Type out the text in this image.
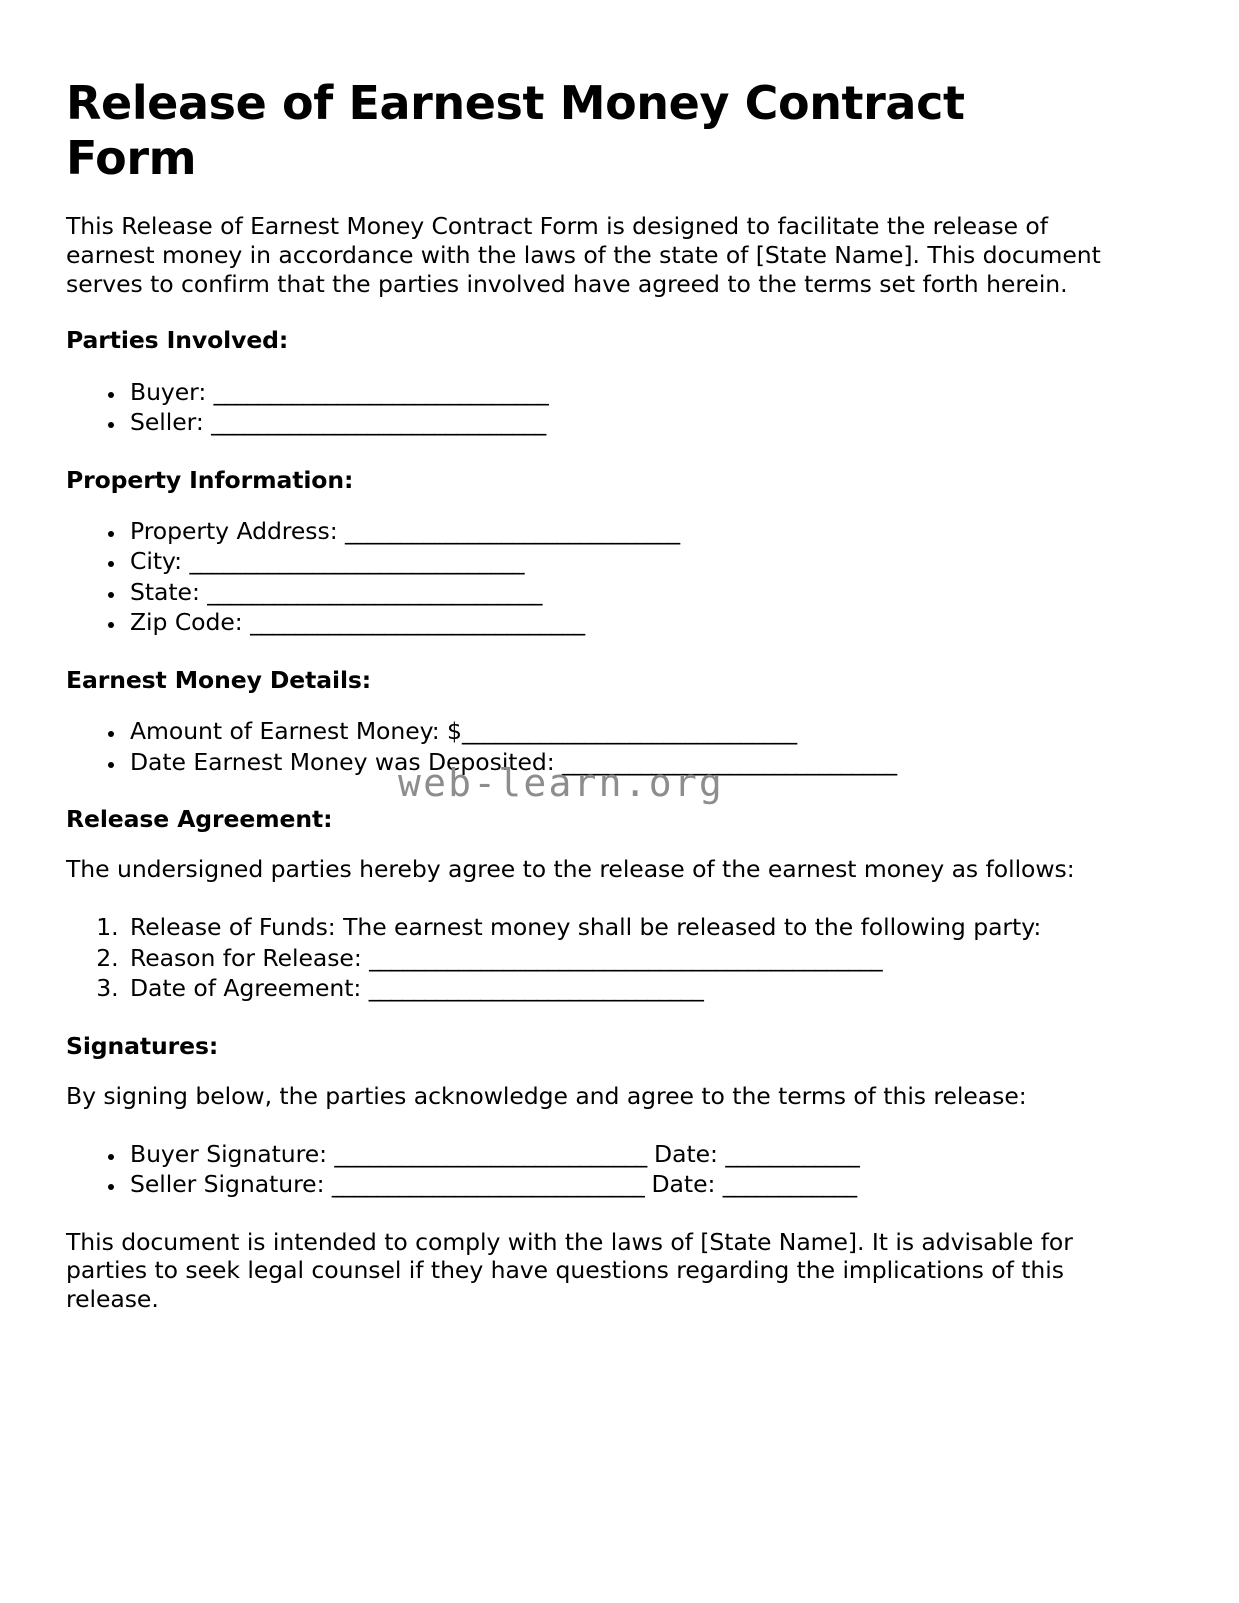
Release of Earnest Money Contract Form

This Release of Earnest Money Contract Form is designed to facilitate the release of earnest money in accordance with the laws of the state of [State Name]. This document serves to confirm that the parties involved have agreed to the terms set forth herein.

Parties Involved:
• Buyer: ______________________________
• Seller: ______________________________
Property Information:
• Property Address: ______________________________
• City: ______________________________
• State: ______________________________
• Zip Code: ______________________________
Earnest Money Details:
• Amount of Earnest Money: $______________________________
• Date Earnest Money was Deposited: ______________________________
Release Agreement:

The undersigned parties hereby agree to the release of the earnest money as follows:

1. Release of Funds: The earnest money shall be released to the following party:
2. Reason for Release: ______________________________________________
3. Date of Agreement: ______________________________
Signatures:

By signing below, the parties acknowledge and agree to the terms of this release:

• Buyer Signature: ____________________________ Date: ____________
• Seller Signature: ____________________________ Date: ____________

This document is intended to comply with the laws of [State Name]. It is advisable for parties to seek legal counsel if they have questions regarding the implications of this release.

web-learn.org
